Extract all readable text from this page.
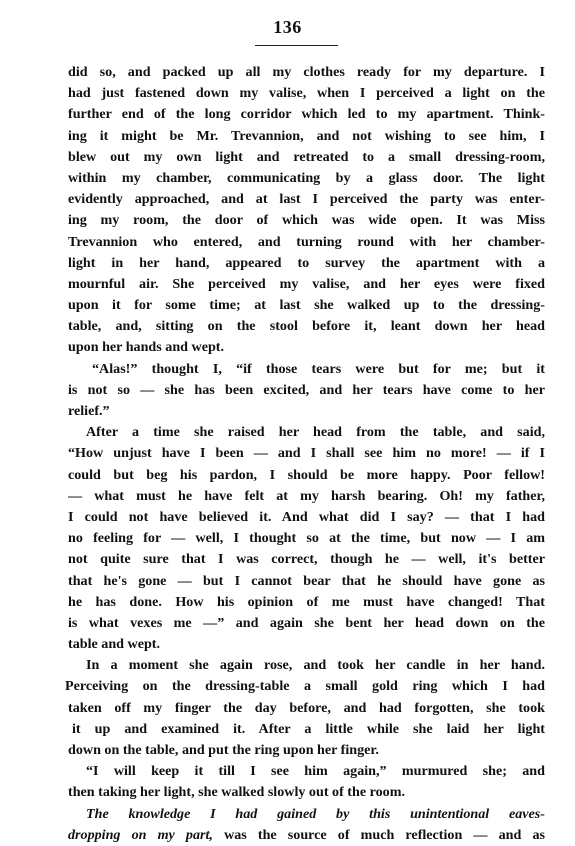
136
did so, and packed up all my clothes ready for my departure. I
had just fastened down my valise, when I perceived a light on the
further end of the long corridor which led to my apartment. Think-
ing it might be Mr. Trevannion, and not wishing to see him, I
blew out my own light and retreated to a small dressing-room,
within my chamber, communicating by a glass door. The light
evidently approached, and at last I perceived the party was enter-
ing my room, the door of which was wide open. It was Miss
Trevannion who entered, and turning round with her chamber-
light in her hand, appeared to survey the apartment with a
mournful air. She perceived my valise, and her eyes were fixed
upon it for some time; at last she walked up to the dressing-
table, and, sitting on the stool before it, leant down her head
upon her hands and wept.
“Alas!” thought I, “if those tears were but for me; but it
is not so — she has been excited, and her tears have come to her
relief.”
After a time she raised her head from the table, and said,
“How unjust have I been — and I shall see him no more! — if I
could but beg his pardon, I should be more happy. Poor fellow!
— what must he have felt at my harsh bearing. Oh! my father,
I could not have believed it. And what did I say? — that I had
no feeling for — well, I thought so at the time, but now — I am
not quite sure that I was correct, though he — well, it's better
that he's gone — but I cannot bear that he should have gone as
he has done. How his opinion of me must have changed! That
is what vexes me —” and again she bent her head down on the
table and wept.
In a moment she again rose, and took her candle in her hand.
Perceiving on the dressing-table a small gold ring which I had
taken off my finger the day before, and had forgotten, she took
it up and examined it. After a little while she laid her light
down on the table, and put the ring upon her finger.
“I will keep it till I see him again,” murmured she; and
then taking her light, she walked slowly out of the room.
The knowledge I had gained by this unintentional eaves-
dropping on my part, was the source of much reflection — and as
